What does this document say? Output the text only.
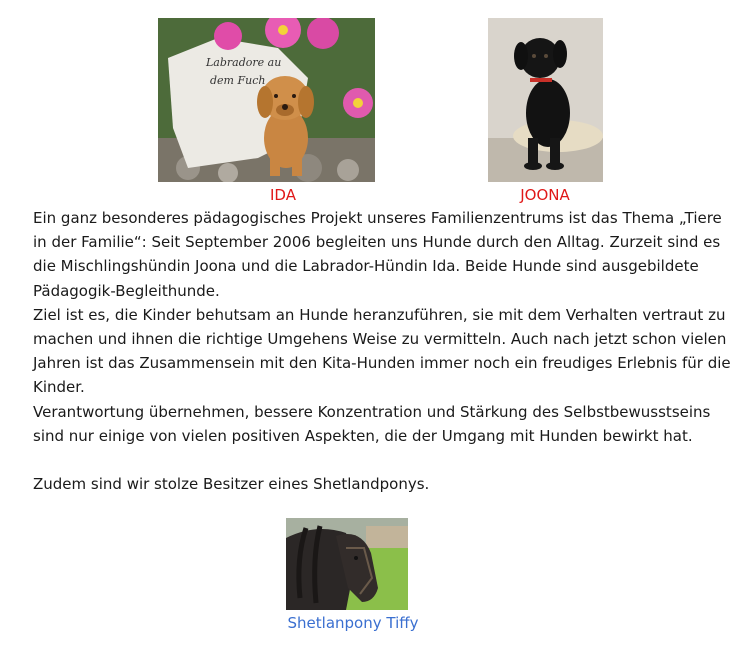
Labradore au
dem Fuch
IDA	JOONA

Ein ganz besonderes pädagogisches Projekt unseres Familienzentrums ist das Thema „Tiere in der Familie“: Seit September 2006 begleiten uns Hunde durch den Alltag. Zurzeit sind es die Mischlingshündin Joona und die Labrador-Hündin Ida. Beide Hunde sind ausgebildete Pädagogik-Begleithunde.

Ziel ist es, die Kinder behutsam an Hunde heranzuführen, sie mit dem Verhalten vertraut zu machen und ihnen die richtige Umgehens Weise zu vermitteln. Auch nach jetzt schon vielen Jahren ist das Zusammensein mit den Kita-Hunden immer noch ein freudiges Erlebnis für die Kinder.

Verantwortung übernehmen, bessere Konzentration und Stärkung des Selbstbewusstseins sind nur einige von vielen positiven Aspekten, die der Umgang mit Hunden bewirkt hat.

Zudem sind wir stolze Besitzer eines Shetlandponys.

Shetlanpony Tiffy
